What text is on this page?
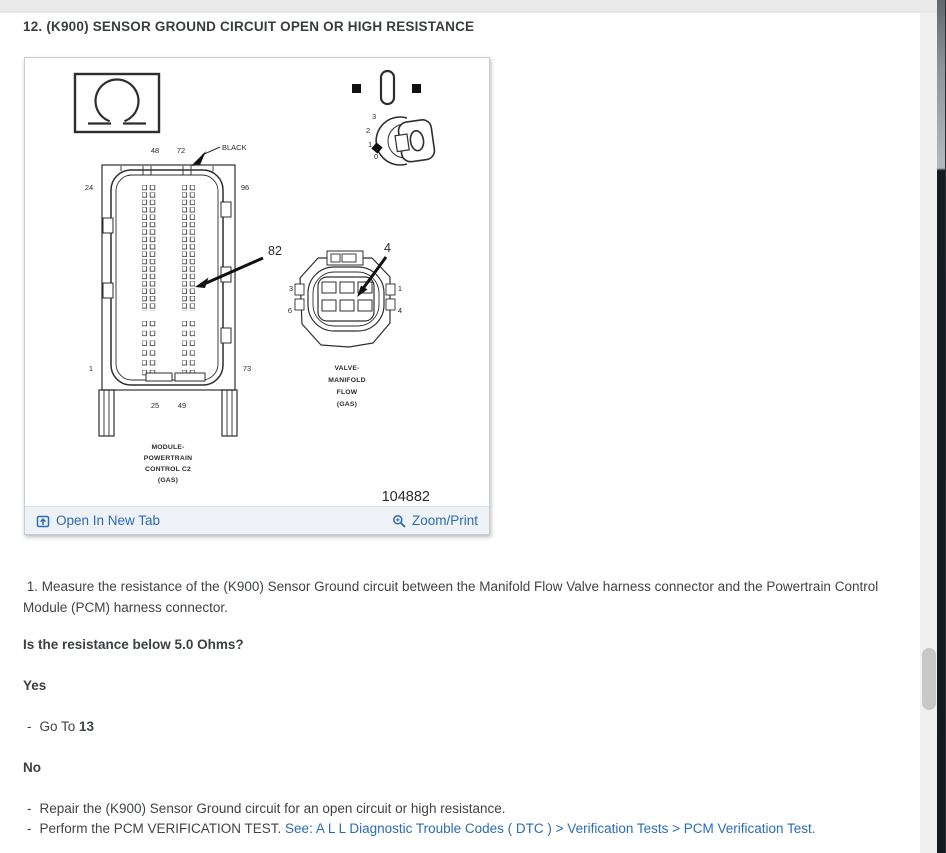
12. (K900) SENSOR GROUND CIRCUIT OPEN OR HIGH RESISTANCE
3
2
1
0
BLACK
48 72
24	96
1	73
25 49
MODULE-
POWERTRAIN
CONTROL C2
(GAS)
82
3	1
6	4
VALVE-
MANIFOLD
FLOW
(GAS)
4
104882
Open In New Tab	Zoom/Print

1. Measure the resistance of the (K900) Sensor Ground circuit between the Manifold Flow Valve harness connector and the Powertrain Control Module (PCM) harness connector.

Is the resistance below 5.0 Ohms?

Yes

- Go To 13

No

- Repair the (K900) Sensor Ground circuit for an open circuit or high resistance.

- Perform the PCM VERIFICATION TEST. See: A L L Diagnostic Trouble Codes ( DTC ) > Verification Tests > PCM Verification Test.
